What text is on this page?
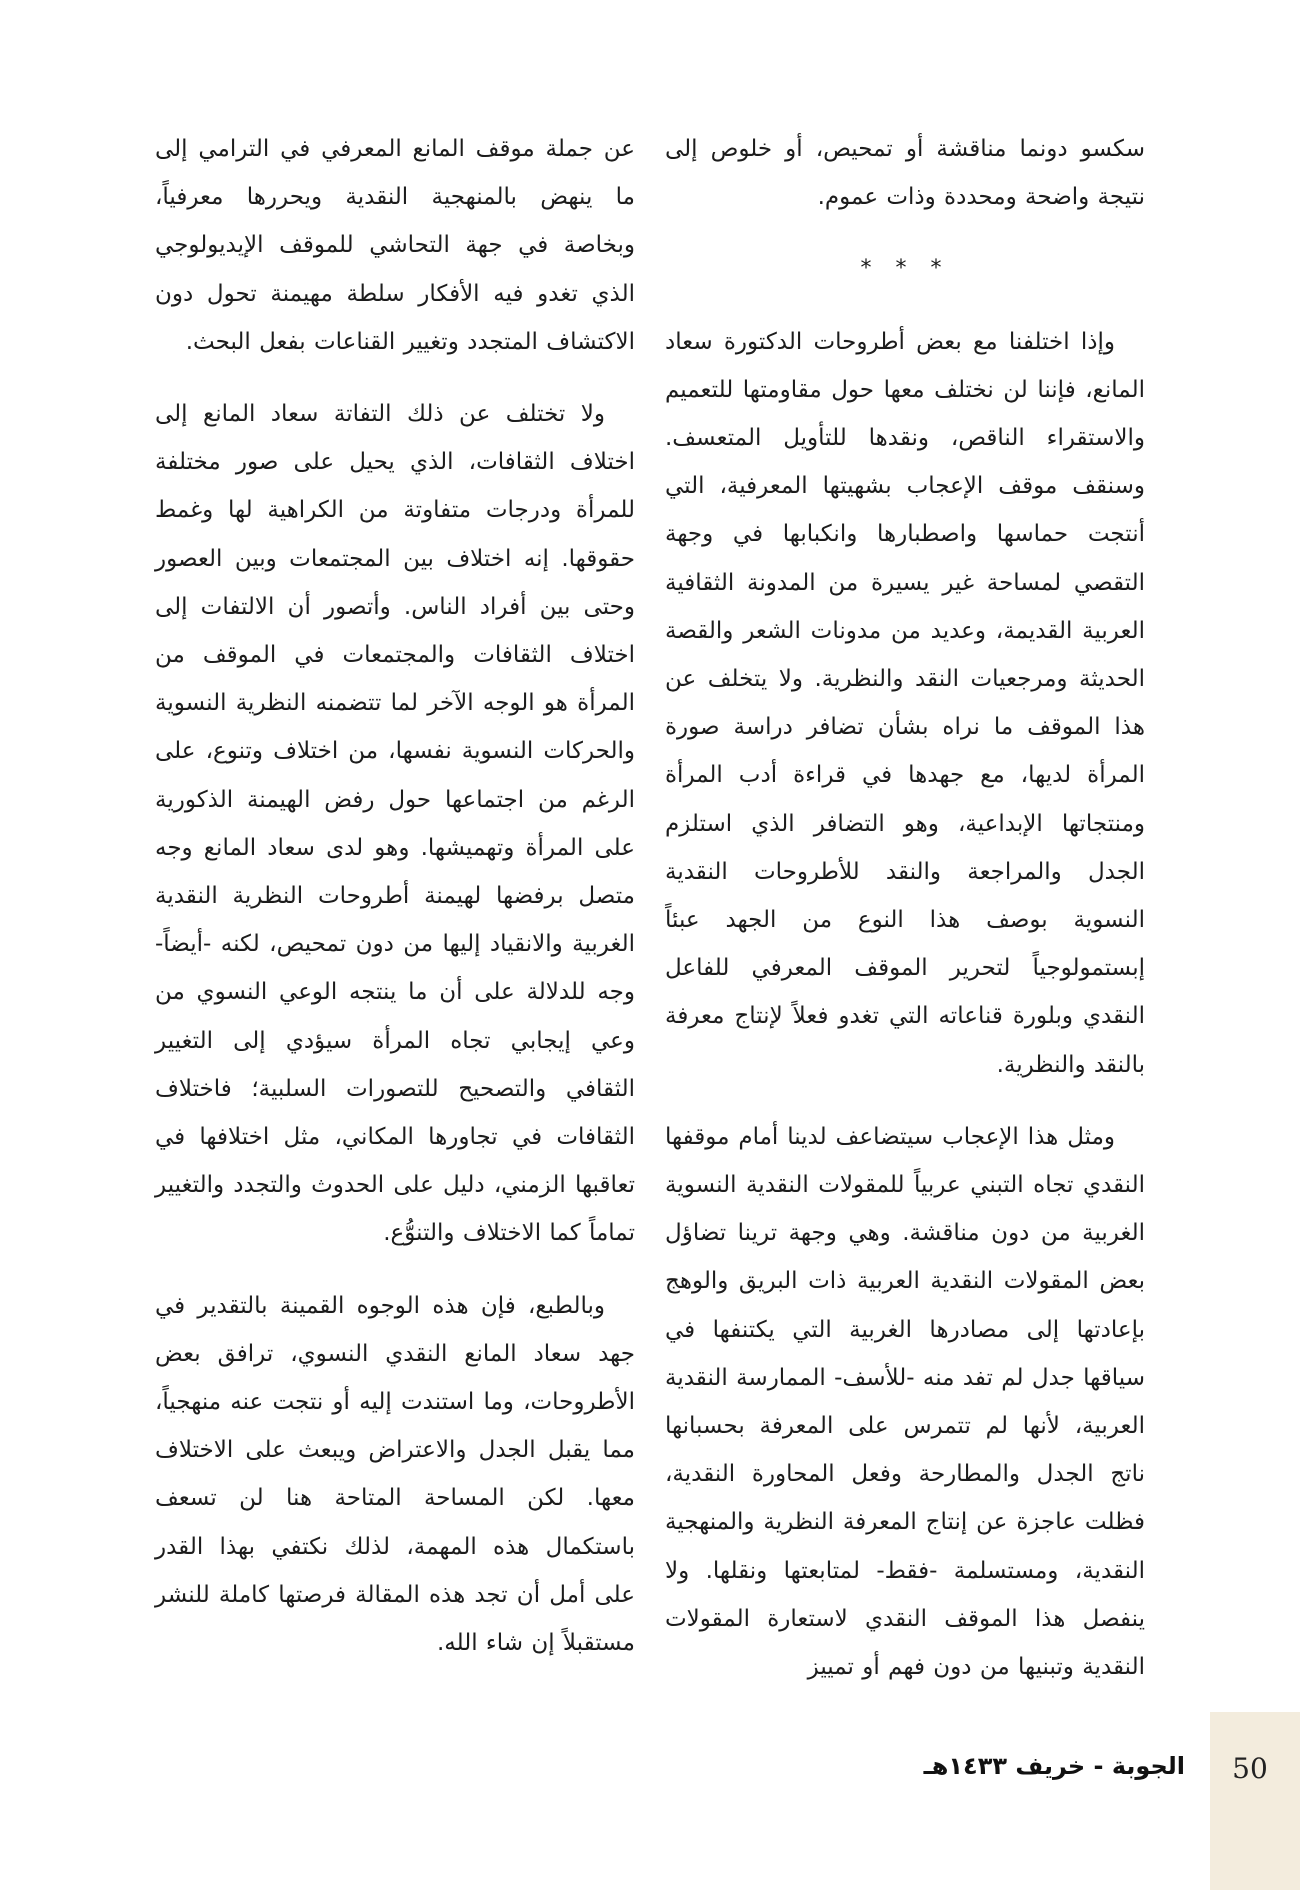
سكسو دونما مناقشة أو تمحيص، أو خلوص إلى نتيجة واضحة ومحددة وذات عموم.

* * *

وإذا اختلفنا مع بعض أطروحات الدكتورة سعاد المانع، فإننا لن نختلف معها حول مقاومتها للتعميم والاستقراء الناقص، ونقدها للتأويل المتعسف. وسنقف موقف الإعجاب بشهيتها المعرفية، التي أنتجت حماسها واصطبارها وانكبابها في وجهة التقصي لمساحة غير يسيرة من المدونة الثقافية العربية القديمة، وعديد من مدونات الشعر والقصة الحديثة ومرجعيات النقد والنظرية. ولا يتخلف عن هذا الموقف ما نراه بشأن تضافر دراسة صورة المرأة لديها، مع جهدها في قراءة أدب المرأة ومنتجاتها الإبداعية، وهو التضافر الذي استلزم الجدل والمراجعة والنقد للأطروحات النقدية النسوية بوصف هذا النوع من الجهد عبئاً إبستمولوجياً لتحرير الموقف المعرفي للفاعل النقدي وبلورة قناعاته التي تغدو فعلاً لإنتاج معرفة بالنقد والنظرية.

ومثل هذا الإعجاب سيتضاعف لدينا أمام موقفها النقدي تجاه التبني عربياً للمقولات النقدية النسوية الغربية من دون مناقشة. وهي وجهة ترينا تضاؤل بعض المقولات النقدية العربية ذات البريق والوهج بإعادتها إلى مصادرها الغربية التي يكتنفها في سياقها جدل لم تفد منه -للأسف- الممارسة النقدية العربية، لأنها لم تتمرس على المعرفة بحسبانها ناتج الجدل والمطارحة وفعل المحاورة النقدية، فظلت عاجزة عن إنتاج المعرفة النظرية والمنهجية النقدية، ومستسلمة -فقط- لمتابعتها ونقلها. ولا ينفصل هذا الموقف النقدي لاستعارة المقولات النقدية وتبنيها من دون فهم أو تمييز

عن جملة موقف المانع المعرفي في الترامي إلى ما ينهض بالمنهجية النقدية ويحررها معرفياً، وبخاصة في جهة التحاشي للموقف الإيديولوجي الذي تغدو فيه الأفكار سلطة مهيمنة تحول دون الاكتشاف المتجدد وتغيير القناعات بفعل البحث.

ولا تختلف عن ذلك التفاتة سعاد المانع إلى اختلاف الثقافات، الذي يحيل على صور مختلفة للمرأة ودرجات متفاوتة من الكراهية لها وغمط حقوقها. إنه اختلاف بين المجتمعات وبين العصور وحتى بين أفراد الناس. وأتصور أن الالتفات إلى اختلاف الثقافات والمجتمعات في الموقف من المرأة هو الوجه الآخر لما تتضمنه النظرية النسوية والحركات النسوية نفسها، من اختلاف وتنوع، على الرغم من اجتماعها حول رفض الهيمنة الذكورية على المرأة وتهميشها. وهو لدى سعاد المانع وجه متصل برفضها لهيمنة أطروحات النظرية النقدية الغربية والانقياد إليها من دون تمحيص، لكنه -أيضاً- وجه للدلالة على أن ما ينتجه الوعي النسوي من وعي إيجابي تجاه المرأة سيؤدي إلى التغيير الثقافي والتصحيح للتصورات السلبية؛ فاختلاف الثقافات في تجاورها المكاني، مثل اختلافها في تعاقبها الزمني، دليل على الحدوث والتجدد والتغيير تماماً كما الاختلاف والتنوُّع.

وبالطبع، فإن هذه الوجوه القمينة بالتقدير في جهد سعاد المانع النقدي النسوي، ترافق بعض الأطروحات، وما استندت إليه أو نتجت عنه منهجياً، مما يقبل الجدل والاعتراض ويبعث على الاختلاف معها. لكن المساحة المتاحة هنا لن تسعف باستكمال هذه المهمة، لذلك نكتفي بهذا القدر على أمل أن تجد هذه المقالة فرصتها كاملة للنشر مستقبلاً إن شاء الله.

50
الجوبة - خريف ١٤٣٣هـ
